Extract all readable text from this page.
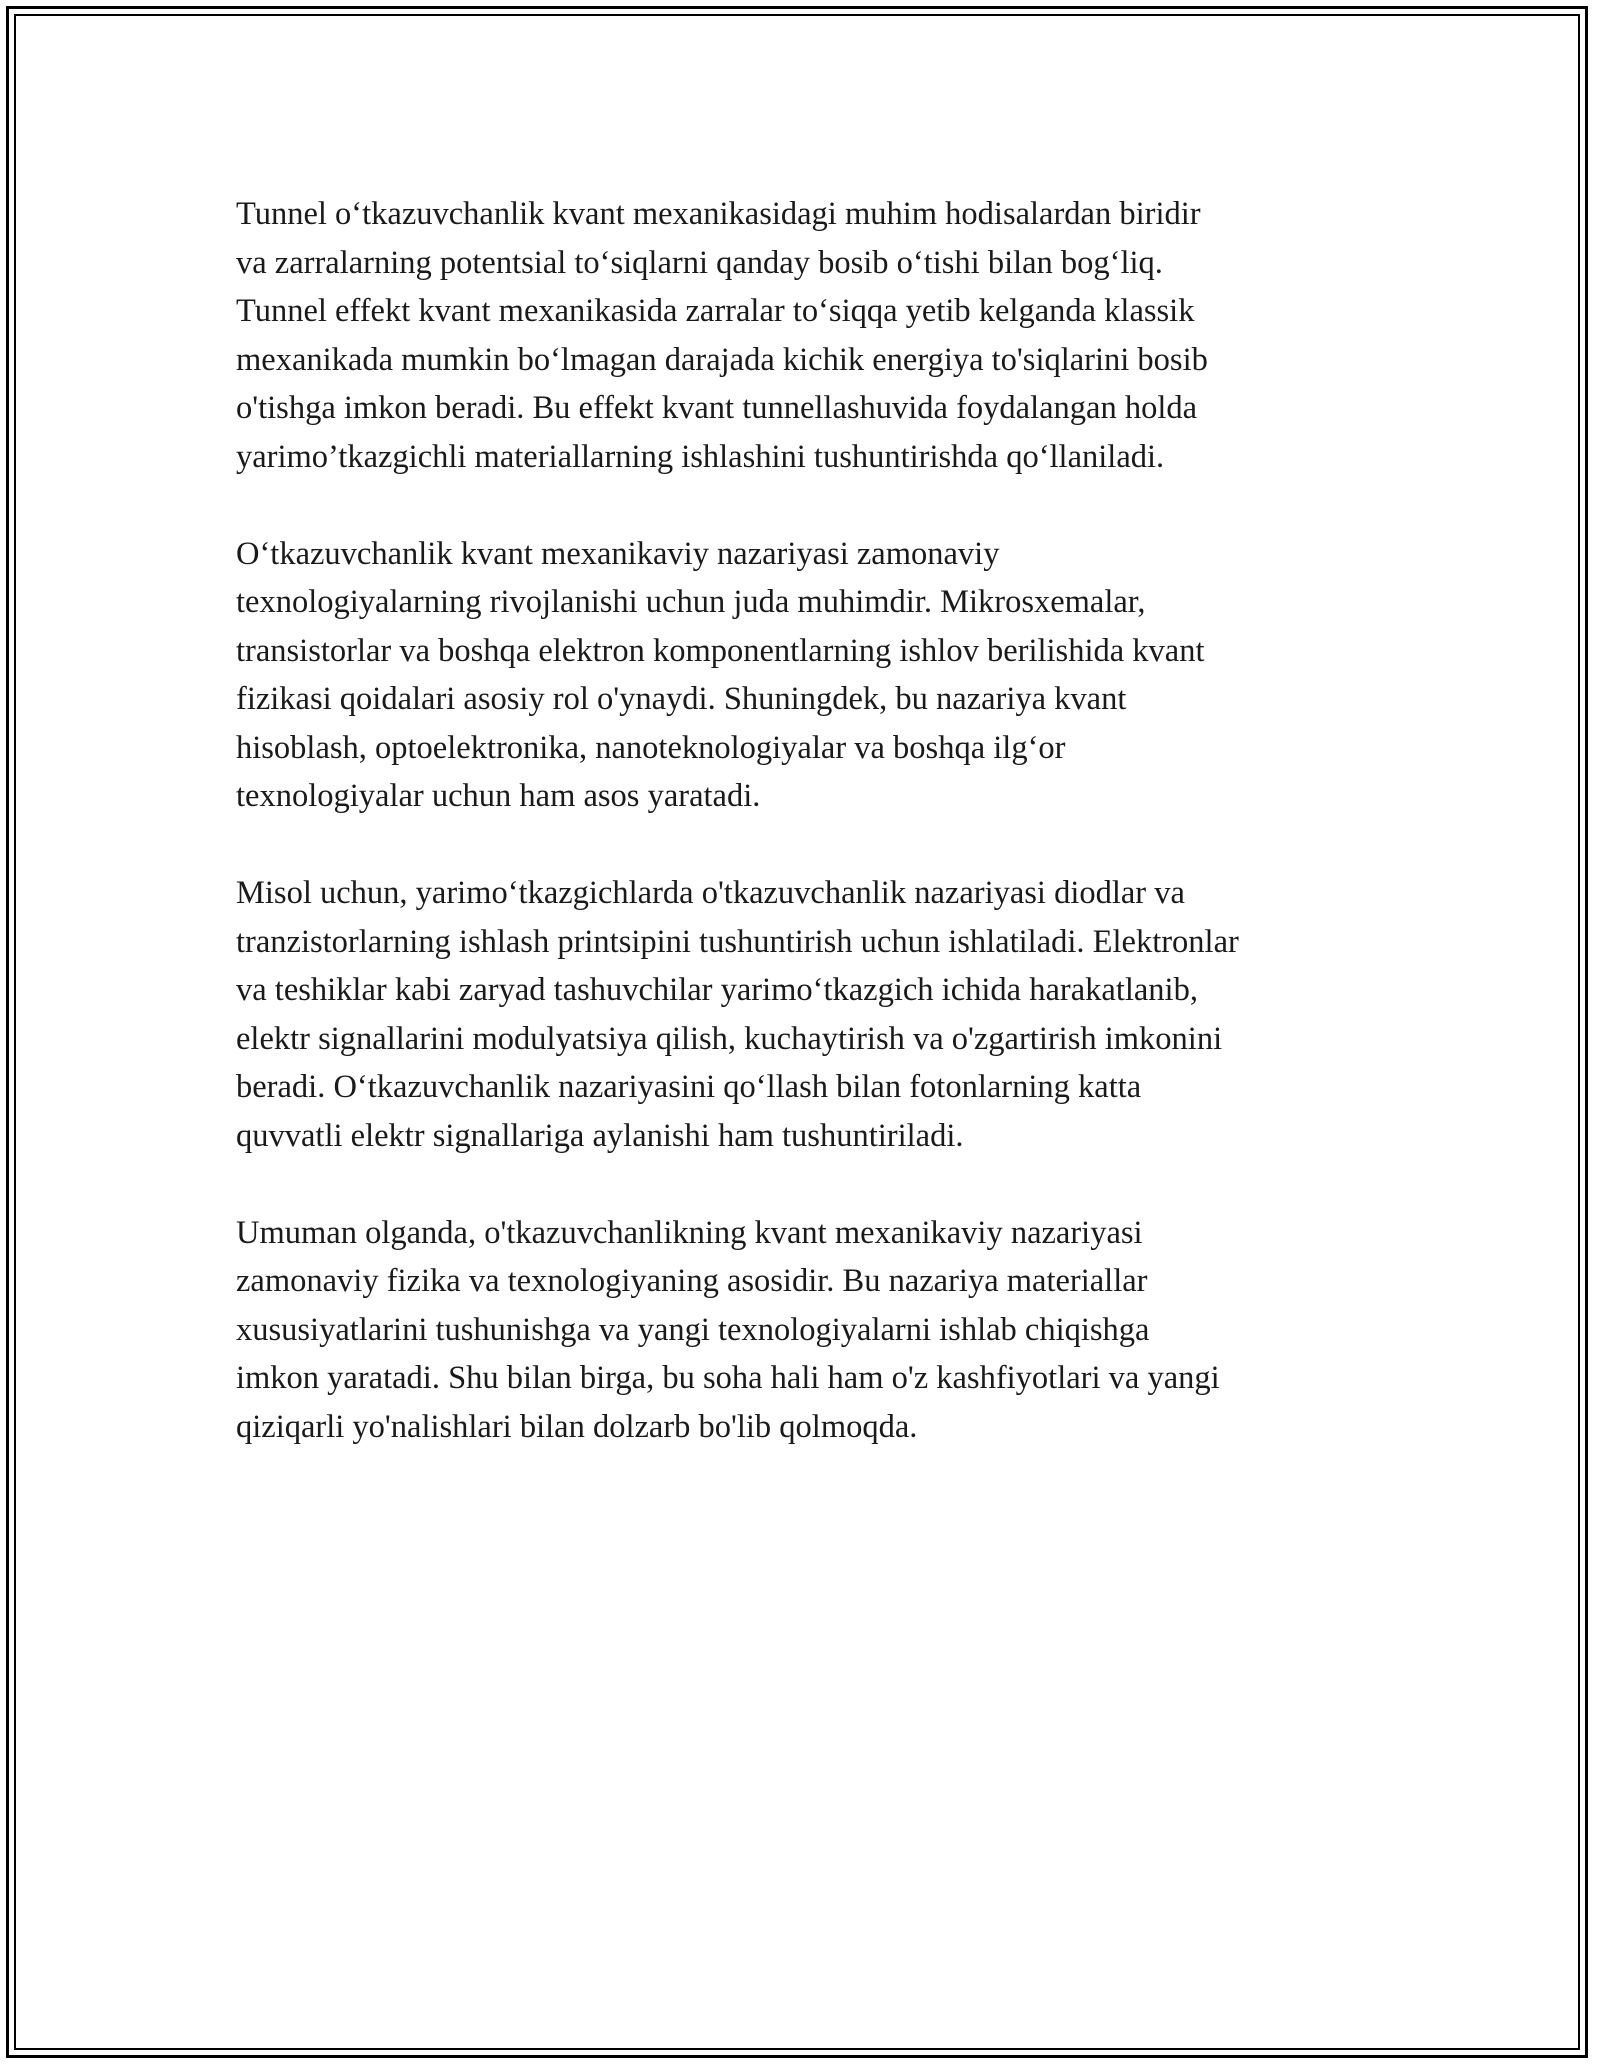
Tunnel o‘tkazuvchanlik kvant mexanikasidagi muhim hodisalardan biridir
va zarralarning potentsial to‘siqlarni qanday bosib o‘tishi bilan bog‘liq.
Tunnel effekt kvant mexanikasida zarralar to‘siqqa yetib kelganda klassik
mexanikada mumkin bo‘lmagan darajada kichik energiya to'siqlarini bosib
o'tishga imkon beradi. Bu effekt kvant tunnellashuvida foydalangan holda
yarimo’tkazgichli materiallarning ishlashini tushuntirishda qo‘llaniladi.

O‘tkazuvchanlik kvant mexanikaviy nazariyasi zamonaviy
texnologiyalarning rivojlanishi uchun juda muhimdir. Mikrosxemalar,
transistorlar va boshqa elektron komponentlarning ishlov berilishida kvant
fizikasi qoidalari asosiy rol o'ynaydi. Shuningdek, bu nazariya kvant
hisoblash, optoelektronika, nanoteknologiyalar va boshqa ilg‘or
texnologiyalar uchun ham asos yaratadi.

Misol uchun, yarimo‘tkazgichlarda o'tkazuvchanlik nazariyasi diodlar va
tranzistorlarning ishlash printsipini tushuntirish uchun ishlatiladi. Elektronlar
va teshiklar kabi zaryad tashuvchilar yarimo‘tkazgich ichida harakatlanib,
elektr signallarini modulyatsiya qilish, kuchaytirish va o'zgartirish imkonini
beradi. O‘tkazuvchanlik nazariyasini qo‘llash bilan fotonlarning katta
quvvatli elektr signallariga aylanishi ham tushuntiriladi.

Umuman olganda, o'tkazuvchanlikning kvant mexanikaviy nazariyasi
zamonaviy fizika va texnologiyaning asosidir. Bu nazariya materiallar
xususiyatlarini tushunishga va yangi texnologiyalarni ishlab chiqishga
imkon yaratadi. Shu bilan birga, bu soha hali ham o'z kashfiyotlari va yangi
qiziqarli yo'nalishlari bilan dolzarb bo'lib qolmoqda.
